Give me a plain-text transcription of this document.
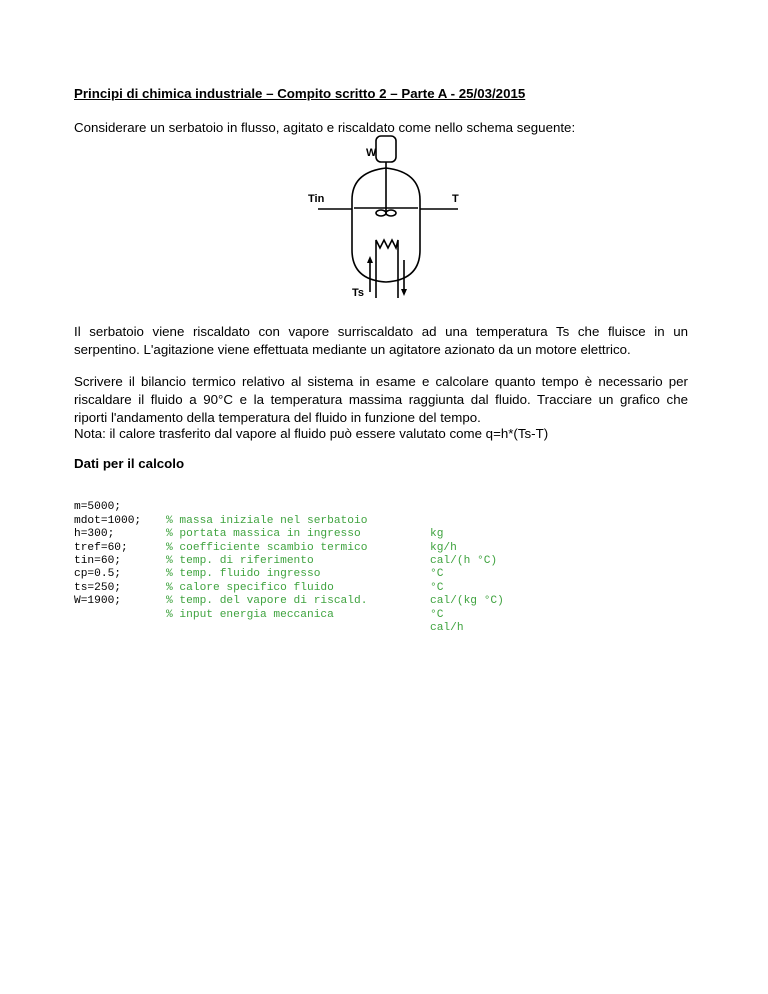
Principi di chimica industriale – Compito scritto 2 – Parte A - 25/03/2015
Considerare un serbatoio in flusso, agitato e riscaldato come nello schema seguente:
W
Tin	T
Ts
Il serbatoio viene riscaldato con vapore surriscaldato ad una temperatura Ts che fluisce in un
serpentino. L'agitazione viene effettuata mediante un agitatore azionato da un motore elettrico.
Scrivere il bilancio termico relativo al sistema in esame e calcolare quanto tempo è necessario per
riscaldare il fluido a 90°C e la temperatura massima raggiunta dal fluido. Tracciare un grafico che
riporti l'andamento della temperatura del fluido in funzione del tempo.
Nota: il calore trasferito dal vapore al fluido può essere valutato come q=h*(Ts-T)
Dati per il calcolo

m=5000;

% massa iniziale nel serbatoio

kg

mdot=1000;

% portata massica in ingresso

kg/h

h=300;

% coefficiente scambio termico

cal/(h °C)

tref=60;

% temp. di riferimento

°C

tin=60;

% temp. fluido ingresso

°C

cp=0.5;

% calore specifico fluido

cal/(kg °C)

ts=250;

% temp. del vapore di riscald.

°C

W=1900;

% input energia meccanica

cal/h
